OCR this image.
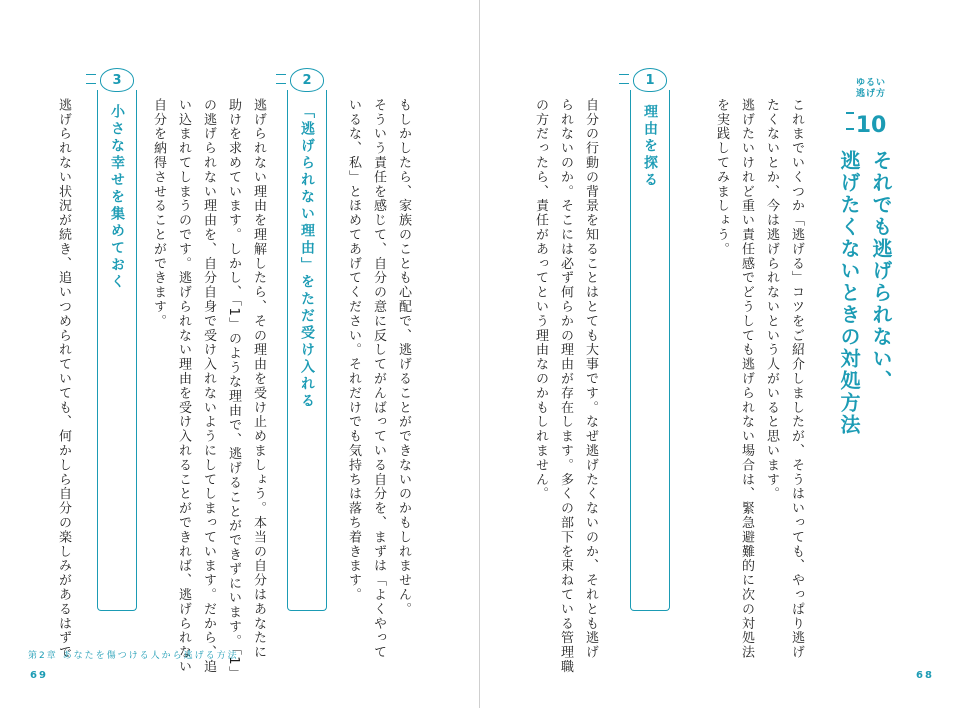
ゆるい逃げ方
10

それでも逃げられない、

逃げたくないときの対処方法

これまでいくつか「逃げる」コツをご紹介しましたが、そうはいっても、やっぱり逃げ

たくないとか、今は逃げられないという人がいると思います。

逃げたいけれど重い責任感でどうしても逃げられない場合は、緊急避難的に次の対処法

を実践してみましょう。

1
理由を探る

自分の行動の背景を知ることはとても大事です。なぜ逃げたくないのか、それとも逃げ

られないのか。そこには必ず何らかの理由が存在します。多くの部下を束ねている管理職

の方だったら、責任があってという理由なのかもしれません。

68

もしかしたら、家族のことも心配で、逃げることができないのかもしれません。

そういう責任を感じて、自分の意に反してがんばっている自分を、まずは「よくやって

いるな、私」とほめてあげてください。それだけでも気持ちは落ち着きます。

2
「逃げられない理由」をただ受け入れる

逃げられない理由を理解したら、その理由を受け止めましょう。本当の自分はあなたに

助けを求めています。しかし、「1」のような理由で、逃げることができずにいます。「1」

の逃げられない理由を、自分自身で受け入れないようにしてしまっています。だから、追

い込まれてしまうのです。逃げられない理由を受け入れることができれば、逃げられない

自分を納得させることができます。

3
小さな幸せを集めておく

逃げられない状況が続き、追いつめられていても、何かしら自分の楽しみがあるはずで

第2章 あなたを傷つける人から逃げる方法
69
